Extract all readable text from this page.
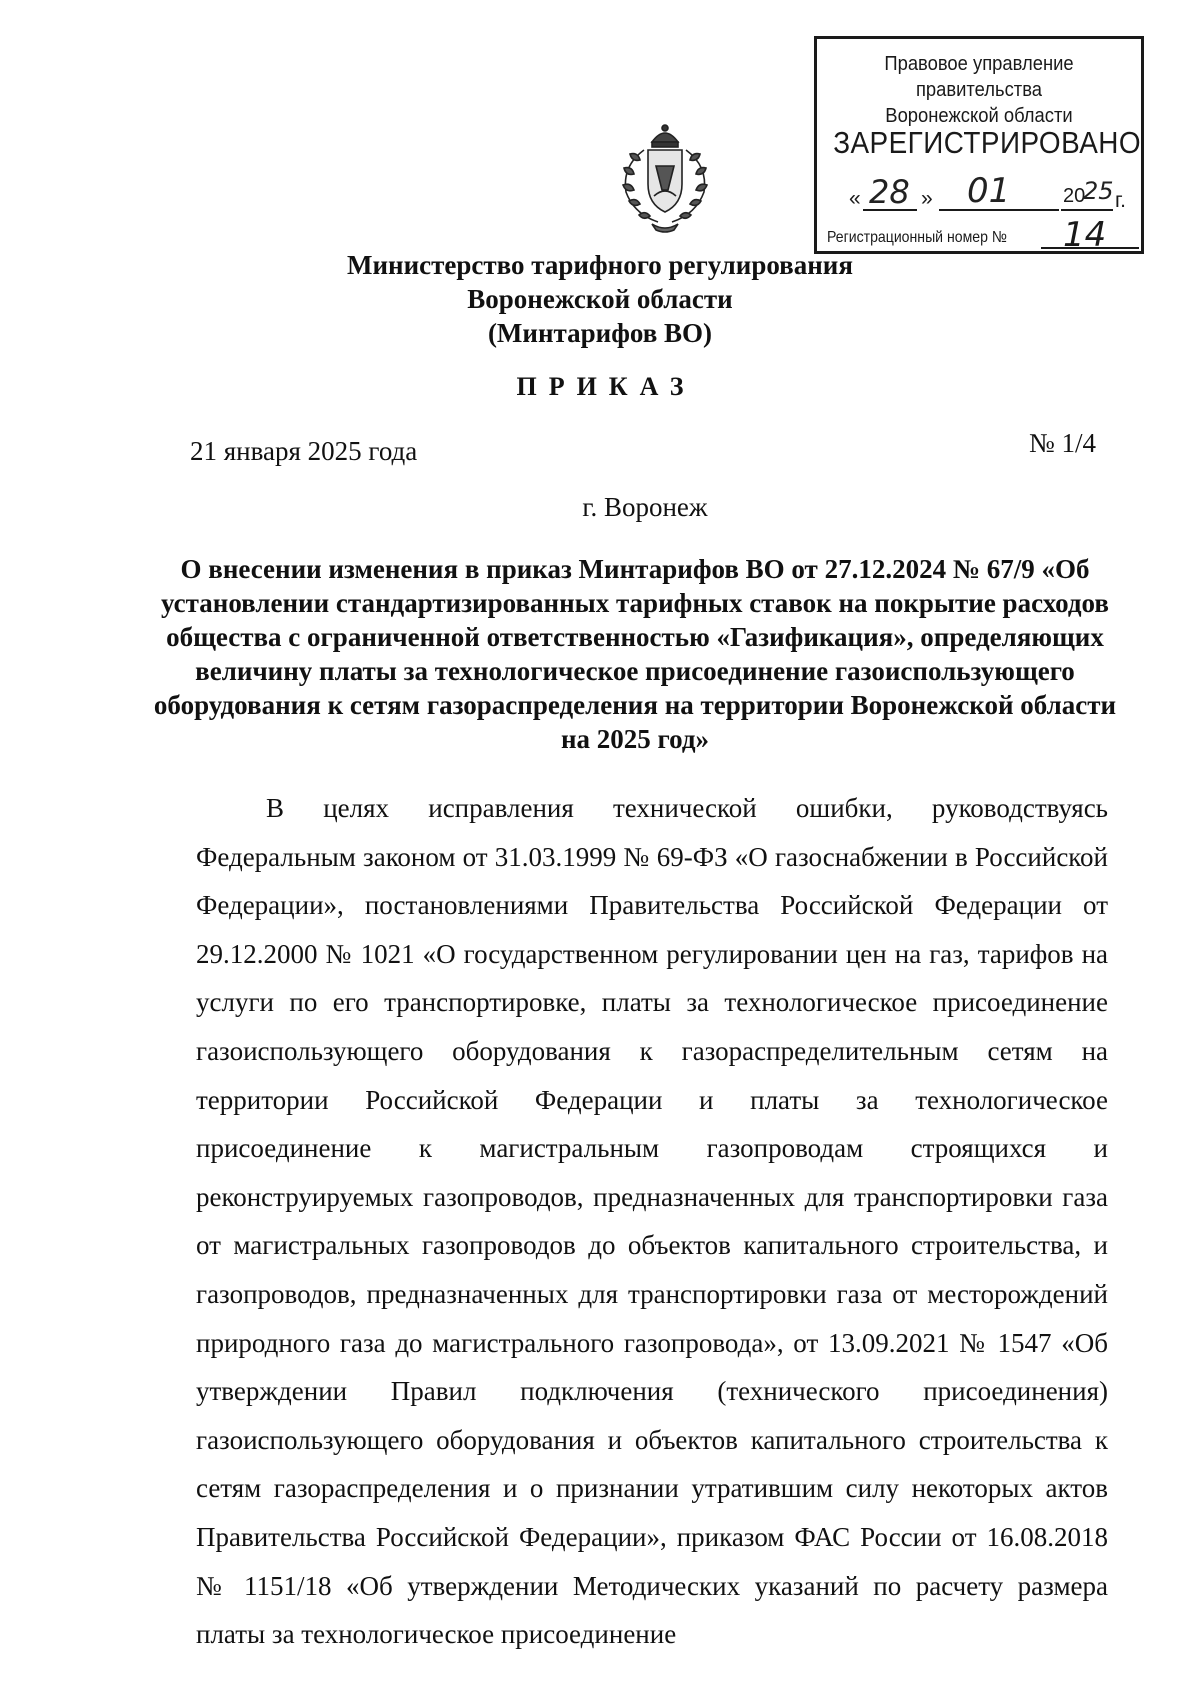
Правовое управление правительства
Воронежской области
ЗАРЕГИСТРИРОВАНО
« 28 » 01	20
25 г.
Регистрационный номер № 14
Министерство тарифного регулирования
Воронежской области
(Минтарифов ВО)
ПРИКАЗ
21 января 2025 года	№ 1/4
г. Воронеж

О внесении изменения в приказ Минтарифов ВО от 27.12.2024 № 67/9 «Об установлении стандартизированных тарифных ставок на покрытие расходов общества с ограниченной ответственностью «Газификация», определяющих величину платы за технологическое присоединение газоиспользующего оборудования к сетям газораспределения на территории Воронежской области на 2025 год»

В целях исправления технической ошибки, руководствуясь Федеральным законом от 31.03.1999 № 69-ФЗ «О газоснабжении в Российской Федерации», постановлениями Правительства Российской Федерации от 29.12.2000 № 1021 «О государственном регулировании цен на газ, тарифов на услуги по его транспортировке, платы за технологическое присоединение газоиспользующего оборудования к газораспределительным сетям на территории Российской Федерации и платы за технологическое присоединение к магистральным газопроводам строящихся и реконструируемых газопроводов, предназначенных для транспортировки газа от магистральных газопроводов до объектов капитального строительства, и газопроводов, предназначенных для транспортировки газа от месторождений природного газа до магистрального газопровода», от 13.09.2021 № 1547 «Об утверждении Правил подключения (технического присоединения) газоиспользующего оборудования и объектов капитального строительства к сетям газораспределения и о признании утратившим силу некоторых актов Правительства Российской Федерации», приказом ФАС России от 16.08.2018 № 1151/18 «Об утверждении Методических указаний по расчету размера платы за технологическое присоединение
